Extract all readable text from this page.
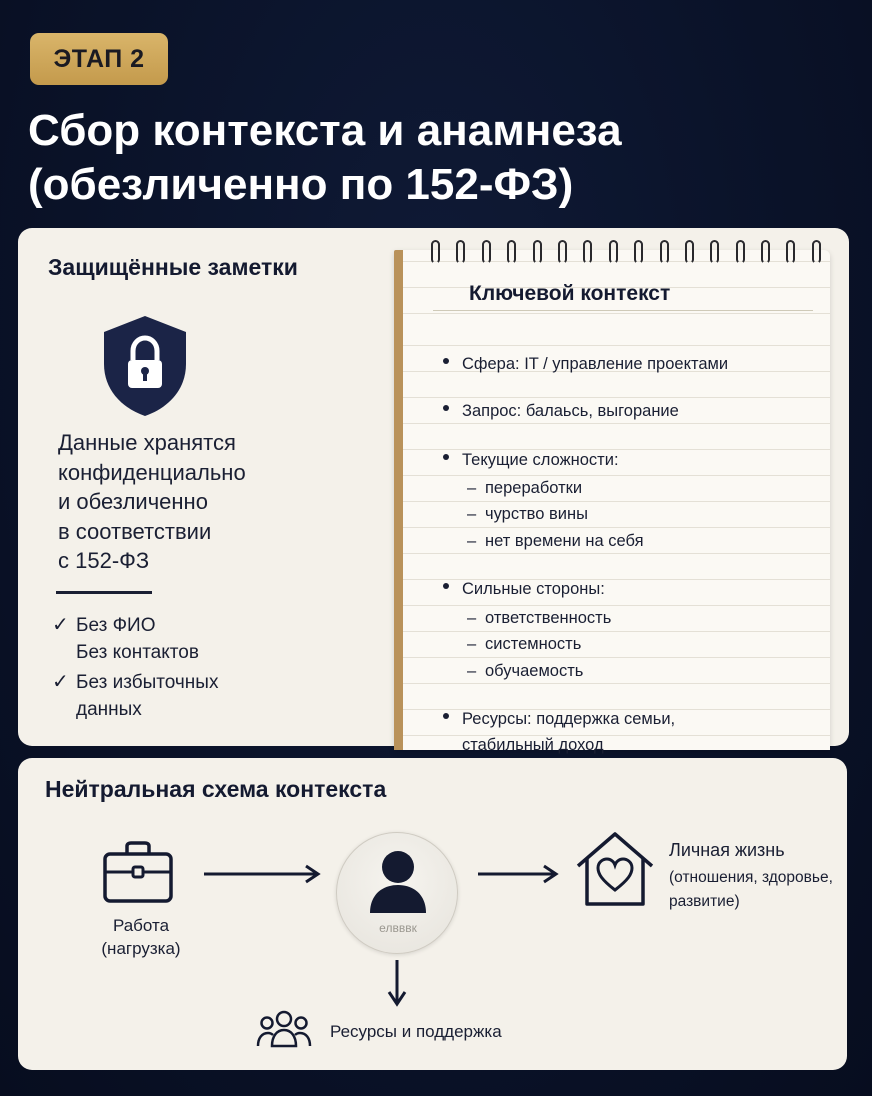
ЭТАП 2
Сбор контекста и анамнеза
(обезличенно по 152-ФЗ)
Защищённые заметки
Данные хранятся
конфиденциально
и обезличенно
в соответствии
с 152-ФЗ
✓ Без ФИО
Без контактов
✓ Без избыточных
данных
Ключевой контекст
Сфера: IT / управление проектами
Запрос: балаьсь, выгорание
Текущие сложности:
– переработки
– чурство вины
– нет времени на себя
Сильные стороны:
– ответственность
– системность
– обучаемость
Ресурсы: поддержка семьи,
стабильный доход
Нейтральная схема контекста
Работа
(нагрузка)
елвввк
Личная жизнь
(отношения, здоровье,
развитие)
Ресурсы и поддержка
